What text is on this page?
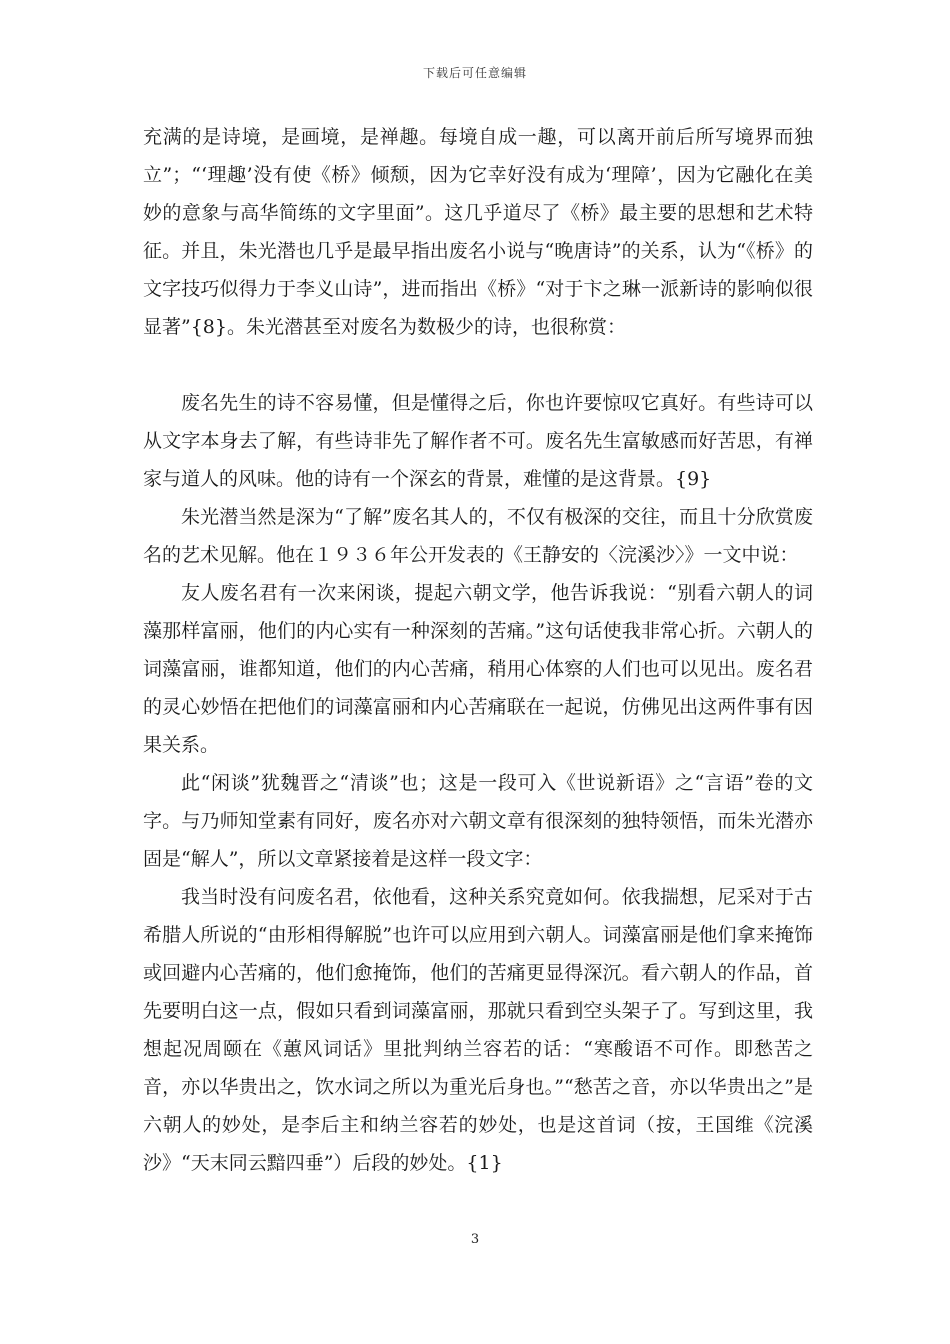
下载后可任意编辑

充满的是诗境，是画境，是禅趣。每境自成一趣，可以离开前后所写境界而独立”；“‘理趣’没有使《桥》倾颓，因为它幸好没有成为‘理障’，因为它融化在美妙的意象与高华简练的文字里面”。这几乎道尽了《桥》最主要的思想和艺术特征。并且，朱光潜也几乎是最早指出废名小说与“晚唐诗”的关系，认为“《桥》的文字技巧似得力于李义山诗”，进而指出《桥》“对于卞之琳一派新诗的影响似很显著”{8}。朱光潜甚至对废名为数极少的诗，也很称赏：

废名先生的诗不容易懂，但是懂得之后，你也许要惊叹它真好。有些诗可以从文字本身去了解，有些诗非先了解作者不可。废名先生富敏感而好苦思，有禅家与道人的风味。他的诗有一个深玄的背景，难懂的是这背景。{9}

朱光潜当然是深为“了解”废名其人的，不仅有极深的交往，而且十分欣赏废名的艺术见解。他在１９３６年公开发表的《王静安的〈浣溪沙〉》一文中说：

友人废名君有一次来闲谈，提起六朝文学，他告诉我说：“别看六朝人的词藻那样富丽，他们的内心实有一种深刻的苦痛。”这句话使我非常心折。六朝人的词藻富丽，谁都知道，他们的内心苦痛，稍用心体察的人们也可以见出。废名君的灵心妙悟在把他们的词藻富丽和内心苦痛联在一起说，仿佛见出这两件事有因果关系。

此“闲谈”犹魏晋之“清谈”也；这是一段可入《世说新语》之“言语”卷的文字。与乃师知堂素有同好，废名亦对六朝文章有很深刻的独特领悟，而朱光潜亦固是“解人”，所以文章紧接着是这样一段文字：

我当时没有问废名君，依他看，这种关系究竟如何。依我揣想，尼采对于古希腊人所说的“由形相得解脱”也许可以应用到六朝人。词藻富丽是他们拿来掩饰或回避内心苦痛的，他们愈掩饰，他们的苦痛更显得深沉。看六朝人的作品，首先要明白这一点，假如只看到词藻富丽，那就只看到空头架子了。写到这里，我想起况周颐在《蕙风词话》里批判纳兰容若的话：“寒酸语不可作。即愁苦之音，亦以华贵出之，饮水词之所以为重光后身也。”“愁苦之音，亦以华贵出之”是六朝人的妙处，是李后主和纳兰容若的妙处，也是这首词（按，王国维《浣溪沙》“天末同云黯四垂”）后段的妙处。{1}

3
